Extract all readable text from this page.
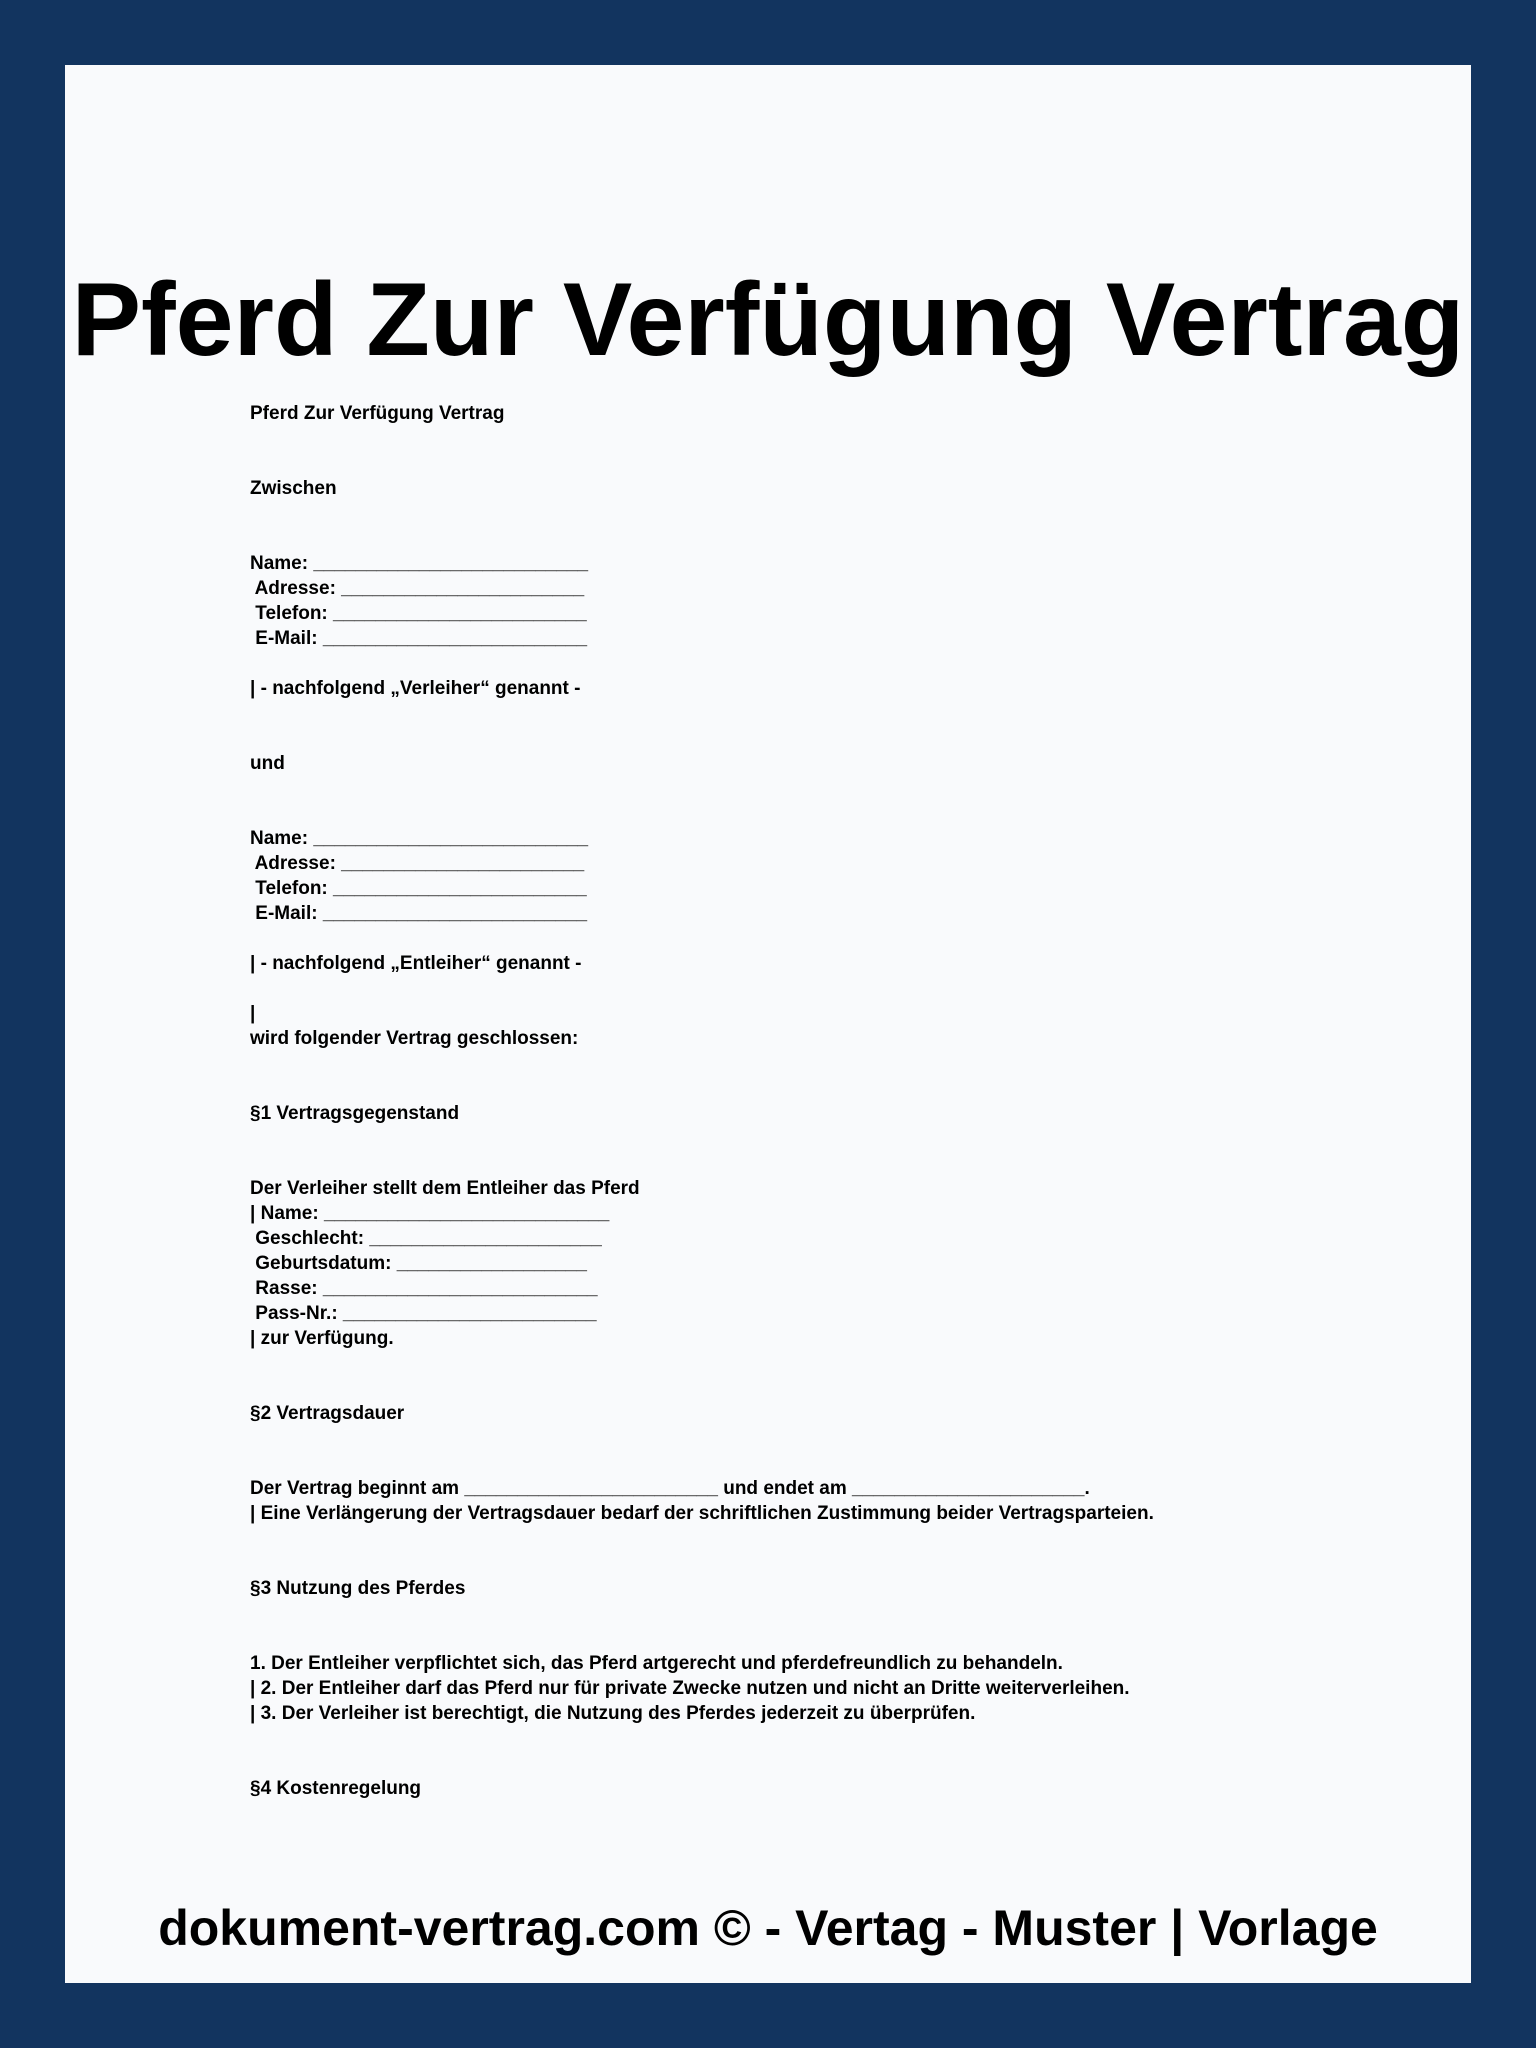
Pferd Zur Verfügung Vertrag
Pferd Zur Verfügung Vertrag
Zwischen
Name: __________________________
Adresse: _______________________
Telefon: ________________________
E-Mail: _________________________
| - nachfolgend „Verleiher“ genannt -
und
Name: __________________________
Adresse: _______________________
Telefon: ________________________
E-Mail: _________________________
| - nachfolgend „Entleiher“ genannt -
|
wird folgender Vertrag geschlossen:
§1 Vertragsgegenstand
Der Verleiher stellt dem Entleiher das Pferd
| Name: ___________________________
Geschlecht: ______________________
Geburtsdatum: __________________
Rasse: __________________________
Pass-Nr.: ________________________
| zur Verfügung.
§2 Vertragsdauer
Der Vertrag beginnt am ________________________ und endet am ______________________.
| Eine Verlängerung der Vertragsdauer bedarf der schriftlichen Zustimmung beider Vertragsparteien.
§3 Nutzung des Pferdes
1. Der Entleiher verpflichtet sich, das Pferd artgerecht und pferdefreundlich zu behandeln.
| 2. Der Entleiher darf das Pferd nur für private Zwecke nutzen und nicht an Dritte weiterverleihen.
| 3. Der Verleiher ist berechtigt, die Nutzung des Pferdes jederzeit zu überprüfen.
§4 Kostenregelung
dokument-vertrag.com © - Vertag - Muster | Vorlage
